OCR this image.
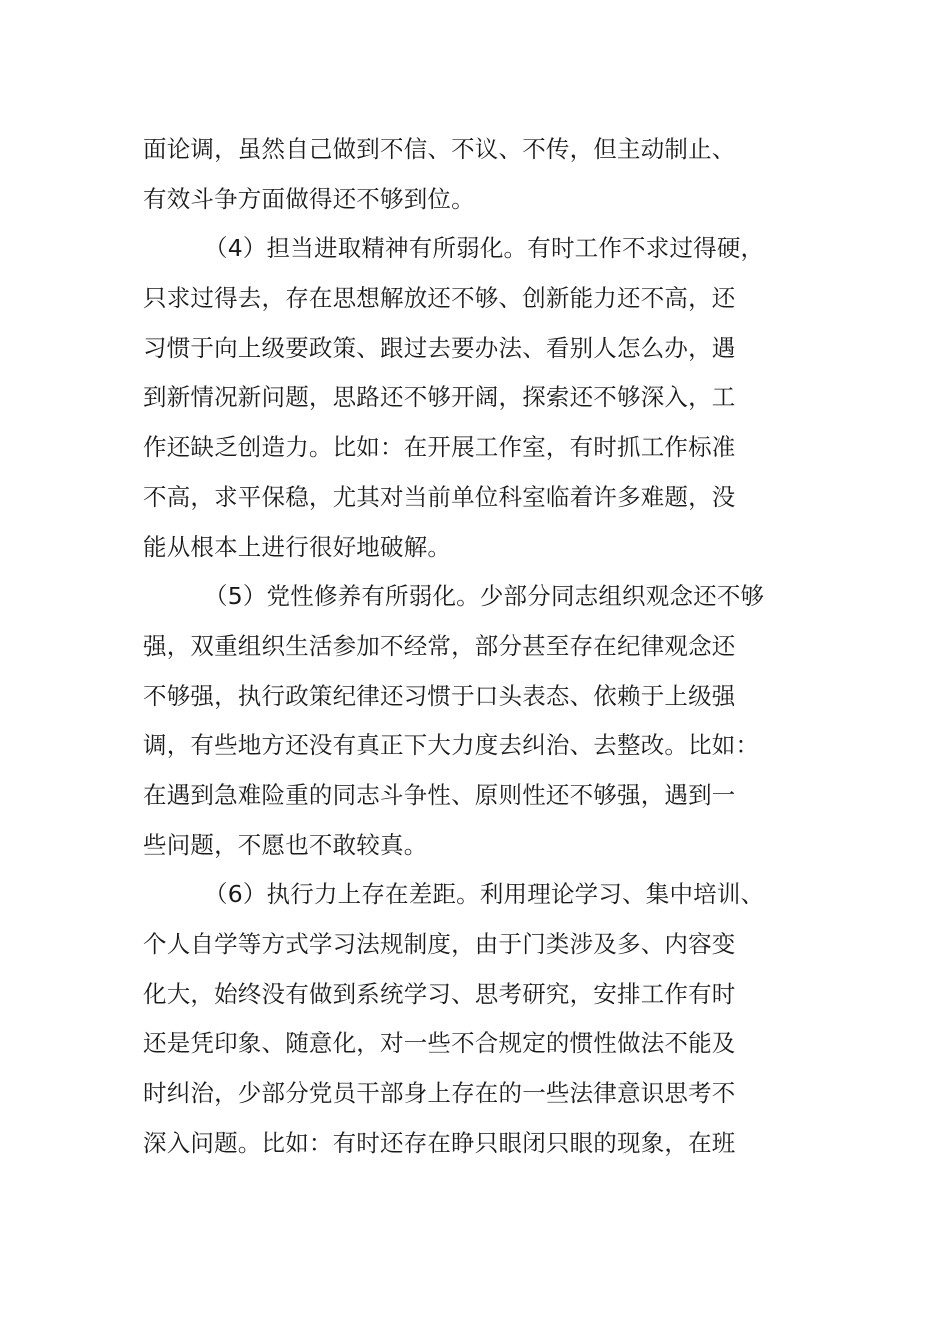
面论调，虽然自己做到不信、不议、不传，但主动制止、
有效斗争方面做得还不够到位。
（4）担当进取精神有所弱化。有时工作不求过得硬，
只求过得去，存在思想解放还不够、创新能力还不高，还
习惯于向上级要政策、跟过去要办法、看别人怎么办，遇
到新情况新问题，思路还不够开阔，探索还不够深入，工
作还缺乏创造力。比如：在开展工作室，有时抓工作标准
不高，求平保稳，尤其对当前单位科室临着许多难题，没
能从根本上进行很好地破解。
（5）党性修养有所弱化。少部分同志组织观念还不够
强，双重组织生活参加不经常，部分甚至存在纪律观念还
不够强，执行政策纪律还习惯于口头表态、依赖于上级强
调，有些地方还没有真正下大力度去纠治、去整改。比如：
在遇到急难险重的同志斗争性、原则性还不够强，遇到一
些问题，不愿也不敢较真。
（6）执行力上存在差距。利用理论学习、集中培训、
个人自学等方式学习法规制度，由于门类涉及多、内容变
化大，始终没有做到系统学习、思考研究，安排工作有时
还是凭印象、随意化，对一些不合规定的惯性做法不能及
时纠治，少部分党员干部身上存在的一些法律意识思考不
深入问题。比如：有时还存在睁只眼闭只眼的现象，在班
